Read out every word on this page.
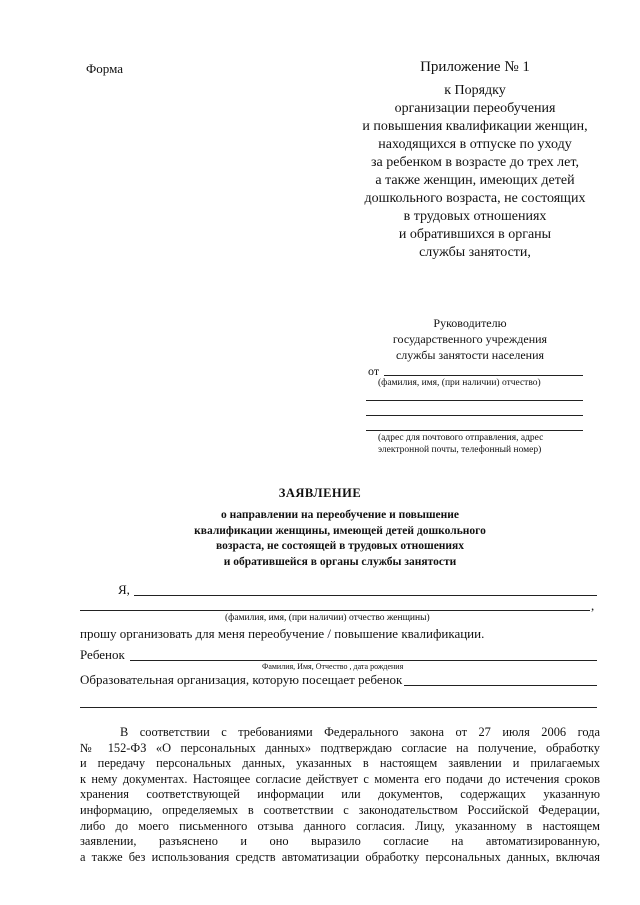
Форма	Приложение № 1
к Порядку
организации переобучения
и повышения квалификации женщин,
находящихся в отпуске по уходу
за ребенком в возрасте до трех лет,
а также женщин, имеющих детей
дошкольного возраста, не состоящих
в трудовых отношениях
и обратившихся в органы
службы занятости,
Руководителю
государственного учреждения
службы занятости населения
от
(фамилия, имя, (при наличии) отчество)
(адрес для почтового отправления, адрес
электронной почты, телефонный номер)
ЗАЯВЛЕНИЕ
о направлении на переобучение и повышение
квалификации женщины, имеющей детей дошкольного
возраста, не состоящей в трудовых отношениях
и обратившейся в органы службы занятости
Я,
,
(фамилия, имя, (при наличии) отчество женщины)
прошу организовать для меня переобучение / повышение квалификации.
Ребенок
Фамилия, Имя, Отчество , дата рождения
Образовательная организация, которую посещает ребенок
В соответствии с требованиями Федерального закона от 27 июля 2006 года
№ 152-ФЗ «О персональных данных» подтверждаю согласие на получение, обработку
и передачу персональных данных, указанных в настоящем заявлении и прилагаемых
к нему документах. Настоящее согласие действует с момента его подачи до истечения сроков
хранения соответствующей информации или документов, содержащих указанную
информацию, определяемых в соответствии с законодательством Российской Федерации,
либо до моего письменного отзыва данного согласия. Лицу, указанному в настоящем
заявлении, разъяснено и оно выразило согласие на автоматизированную,
а также без использования средств автоматизации обработку персональных данных, включая
